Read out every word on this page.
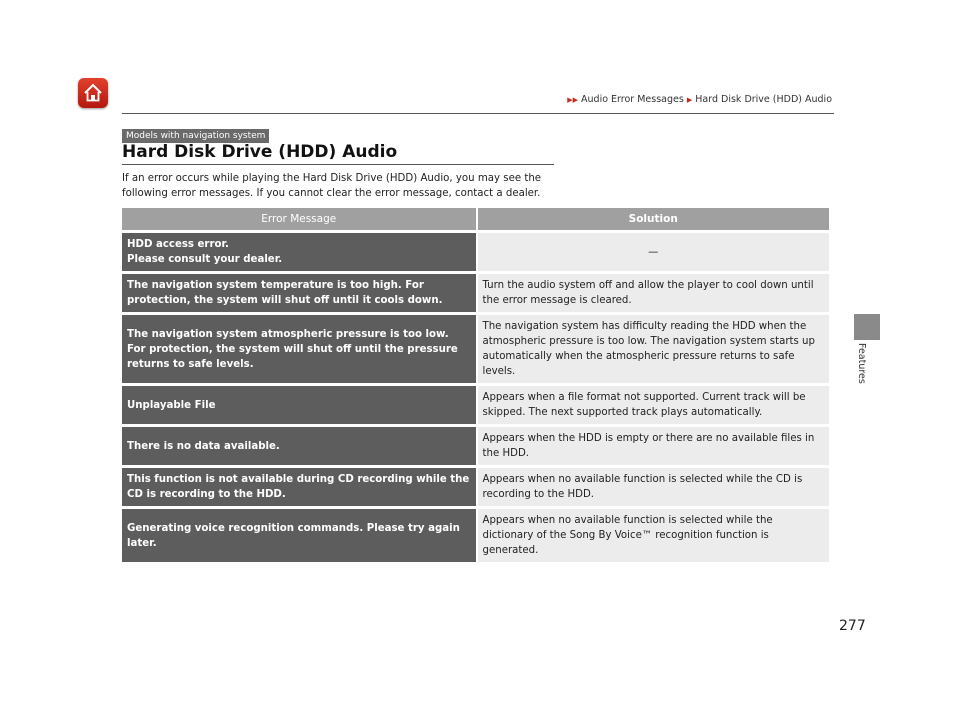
▶▶ Audio Error Messages ▶ Hard Disk Drive (HDD) Audio
Features
Models with navigation system
Hard Disk Drive (HDD) Audio

If an error occurs while playing the Hard Disk Drive (HDD) Audio, you may see the following error messages. If you cannot clear the error message, contact a dealer.

Error Message	Solution
HDD access error.
Please consult your dealer.	—
The navigation system temperature is too high. For protection, the system will shut off until it cools down.	Turn the audio system off and allow the player to cool down until the error message is cleared.
The navigation system atmospheric pressure is too low. For protection, the system will shut off until the pressure returns to safe levels.	The navigation system has difficulty reading the HDD when the atmospheric pressure is too low. The navigation system starts up automatically when the atmospheric pressure returns to safe levels.
Unplayable File	Appears when a file format not supported. Current track will be skipped. The next supported track plays automatically.
There is no data available.	Appears when the HDD is empty or there are no available files in the HDD.
This function is not available during CD recording while the CD is recording to the HDD.	Appears when no available function is selected while the CD is recording to the HDD.
Generating voice recognition commands. Please try again later.	Appears when no available function is selected while the dictionary of the Song By Voice™ recognition function is generated.
277
